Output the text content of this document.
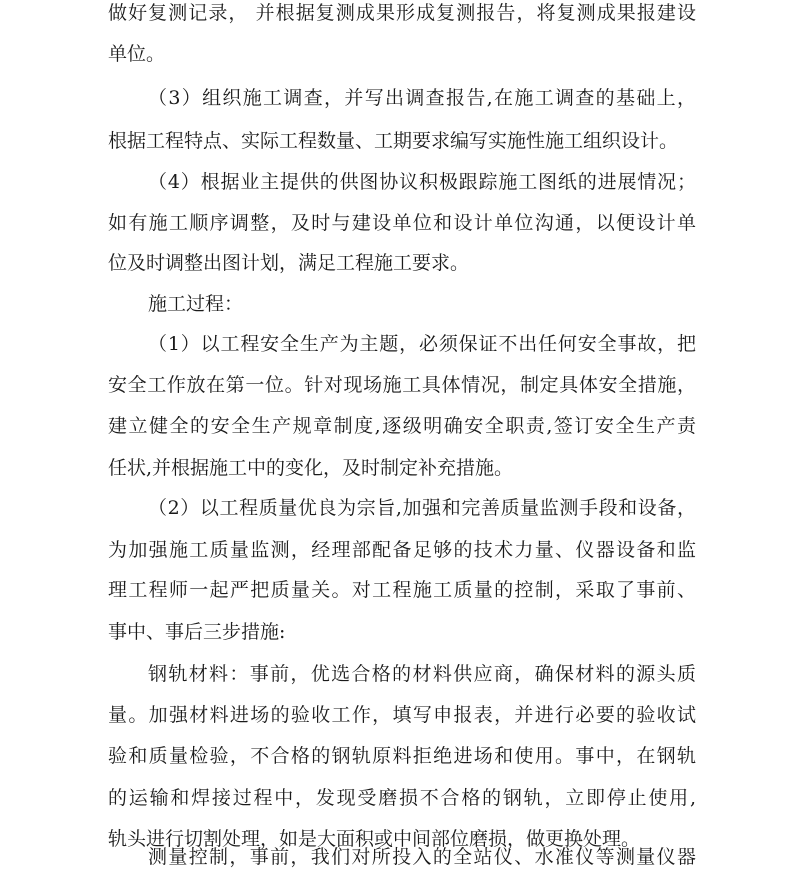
做好复测记录， 并根据复测成果形成复测报告，将复测成果报建设
单位。
（3）组织施工调查，并写出调查报告,在施工调查的基础上，
根据工程特点、实际工程数量、工期要求编写实施性施工组织设计。
（4）根据业主提供的供图协议积极跟踪施工图纸的进展情况；
如有施工顺序调整，及时与建设单位和设计单位沟通，以便设计单
位及时调整出图计划，满足工程施工要求。
施工过程：
（1）以工程安全生产为主题，必须保证不出任何安全事故，把
安全工作放在第一位。针对现场施工具体情况，制定具体安全措施，
建立健全的安全生产规章制度,逐级明确安全职责,签订安全生产责
任状,并根据施工中的变化，及时制定补充措施。
（2）以工程质量优良为宗旨,加强和完善质量监测手段和设备，
为加强施工质量监测，经理部配备足够的技术力量、仪器设备和监
理工程师一起严把质量关。对工程施工质量的控制，采取了事前、
事中、事后三步措施:
钢轨材料：事前，优选合格的材料供应商，确保材料的源头质
量。加强材料进场的验收工作，填写申报表，并进行必要的验收试
验和质量检验，不合格的钢轨原料拒绝进场和使用。事中，在钢轨
的运输和焊接过程中，发现受磨损不合格的钢轨，立即停止使用,
轨头进行切割处理，如是大面积或中间部位磨损，做更换处理。
测量控制，事前，我们对所投入的全站仪、水准仪等测量仪器
